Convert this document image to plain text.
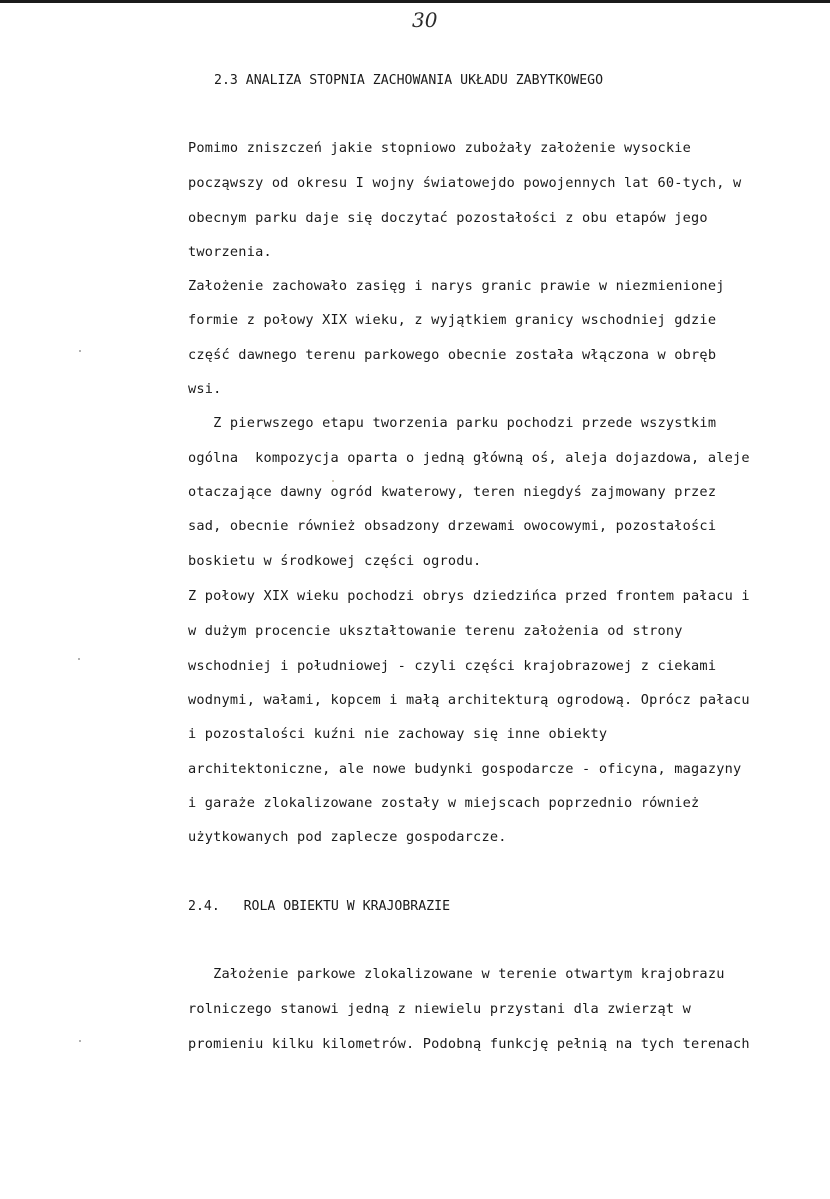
30
2.3 ANALIZA STOPNIA ZACHOWANIA UKŁADU ZABYTKOWEGO
Pomimo zniszczeń jakie stopniowo zubożały założenie wysockie
począwszy od okresu I wojny światowejdo powojennych lat 60-tych, w
obecnym parku daje się doczytać pozostałości z obu etapów jego
tworzenia.
Założenie zachowało zasięg i narys granic prawie w niezmienionej
formie z połowy XIX wieku, z wyjątkiem granicy wschodniej gdzie
część dawnego terenu parkowego obecnie została włączona w obręb
wsi.
Z pierwszego etapu tworzenia parku pochodzi przede wszystkim
ogólna  kompozycja oparta o jedną główną oś, aleja dojazdowa, aleje
otaczające dawny ogród kwaterowy, teren niegdyś zajmowany przez
sad, obecnie również obsadzony drzewami owocowymi, pozostałości
boskietu w środkowej części ogrodu.
Z połowy XIX wieku pochodzi obrys dziedzińca przed frontem pałacu i
w dużym procencie ukształtowanie terenu założenia od strony
wschodniej i południowej - czyli części krajobrazowej z ciekami
wodnymi, wałami, kopcem i małą architekturą ogrodową. Oprócz pałacu
i pozostalości kuźni nie zachoway się inne obiekty
architektoniczne, ale nowe budynki gospodarcze - oficyna, magazyny
i garaże zlokalizowane zostały w miejscach poprzednio również
użytkowanych pod zaplecze gospodarcze.
2.4.   ROLA OBIEKTU W KRAJOBRAZIE
Założenie parkowe zlokalizowane w terenie otwartym krajobrazu
rolniczego stanowi jedną z niewielu przystani dla zwierząt w
promieniu kilku kilometrów. Podobną funkcję pełnią na tych terenach
